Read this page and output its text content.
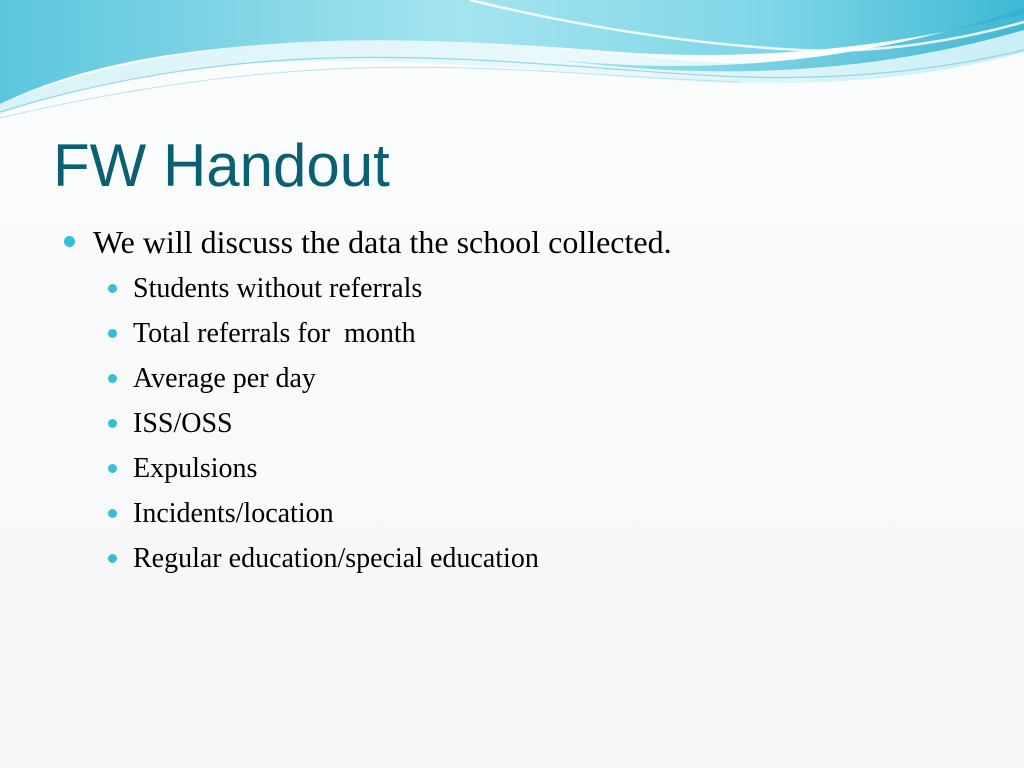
FW Handout
We will discuss the data the school collected.
Students without referrals
Total referrals for  month
Average per day
ISS/OSS
Expulsions
Incidents/location
Regular education/special education
